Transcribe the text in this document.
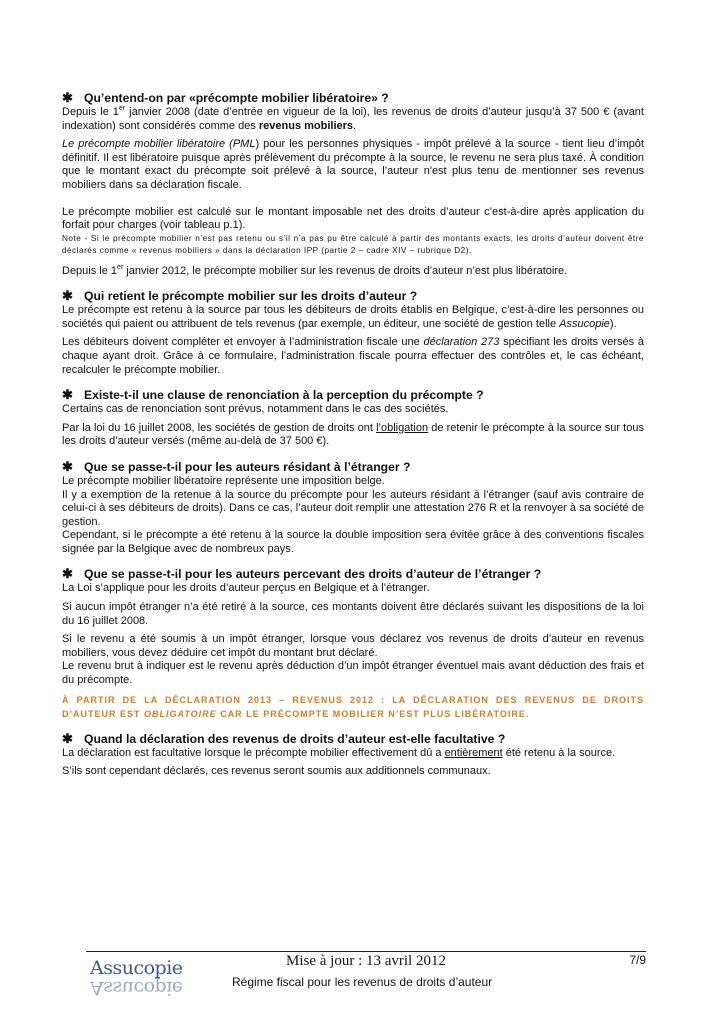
✱ Qu’entend-on par «précompte mobilier libératoire» ?

Depuis le 1er janvier 2008 (date d’entrée en vigueur de la loi), les revenus de droits d’auteur jusqu’à 37 500 € (avant indexation) sont considérés comme des revenus mobiliers.

Le précompte mobilier libératoire (PML) pour les personnes physiques - impôt prélevé à la source - tient lieu d’impôt définitif. Il est libératoire puisque après prélèvement du précompte à la source, le revenu ne sera plus taxé. À condition que le montant exact du précompte soit prélevé à la source, l’auteur n'est plus tenu de mentionner ses revenus mobiliers dans sa déclaration fiscale.

Le précompte mobilier est calculé sur le montant imposable net des droits d’auteur c’est-à-dire après application du forfait pour charges (voir tableau p.1).

Note - Si le précompte mobilier n’est pas retenu ou s’il n’a pas pu être calculé à partir des montants exacts, les droits d’auteur doivent être déclarés comme « revenus mobiliers » dans la déclaration IPP (partie 2 – cadre XIV – rubrique D2).

Depuis le 1er janvier 2012, le précompte mobilier sur les revenus de droits d’auteur n’est plus libératoire.

✱ Qui retient le précompte mobilier sur les droits d’auteur ?

Le précompte est retenu à la source par tous les débiteurs de droits établis en Belgique, c’est-à-dire les personnes ou sociétés qui paient ou attribuent de tels revenus (par exemple, un éditeur, une société de gestion telle Assucopie).

Les débiteurs doivent compléter et envoyer à l’administration fiscale une déclaration 273 spécifiant les droits versés à chaque ayant droit. Grâce à ce formulaire, l’administration fiscale pourra effectuer des contrôles et, le cas échéant, recalculer le précompte mobilier.

✱ Existe-t-il une clause de renonciation à la perception du précompte ?

Certains cas de renonciation sont prévus, notamment dans le cas des sociétés.

Par la loi du 16 juillet 2008, les sociétés de gestion de droits ont l’obligation de retenir le précompte à la source sur tous les droits d’auteur versés (même au-delà de 37 500 €).

✱ Que se passe-t-il pour les auteurs résidant à l’étranger ?

Le précompte mobilier libératoire représente une imposition belge.

Il y a exemption de la retenue à la source du précompte pour les auteurs résidant à l’étranger (sauf avis contraire de celui-ci à ses débiteurs de droits). Dans ce cas, l’auteur doit remplir une attestation 276 R et la renvoyer à sa société de gestion.

Cependant, si le précompte a été retenu à la source la double imposition sera évitée grâce à des conventions fiscales signée par la Belgique avec de nombreux pays.

✱ Que se passe-t-il pour les auteurs percevant des droits d’auteur de l’étranger ?

La Loi s’applique pour les droits d’auteur perçus en Belgique et à l’étranger.

Si aucun impôt étranger n’a été retiré à la source, ces montants doivent être déclarés suivant les dispositions de la loi du 16 juillet 2008.

Si le revenu a été soumis à un impôt étranger, lorsque vous déclarez vos revenus de droits d’auteur en revenus mobiliers, vous devez déduire cet impôt du montant brut déclaré.

Le revenu brut à indiquer est le revenu après déduction d’un impôt étranger éventuel mais avant déduction des frais et du précompte.

À PARTIR DE LA DÉCLARATION 2013 – REVENUS 2012 : LA DÉCLARATION DES REVENUS DE DROITS D’AUTEUR EST OBLIGATOIRE CAR LE PRÉCOMPTE MOBILIER N’EST PLUS LIBÉRATOIRE.

✱ Quand la déclaration des revenus de droits d’auteur est-elle facultative ?

La déclaration est facultative lorsque le précompte mobilier effectivement dû a entièrement été retenu à la source.

S’ils sont cependant déclarés, ces revenus seront soumis aux additionnels communaux.

Assucopie
Assucopie
Mise à jour : 13 avril 2012	7/9
Régime fiscal pour les revenus de droits d’auteur
